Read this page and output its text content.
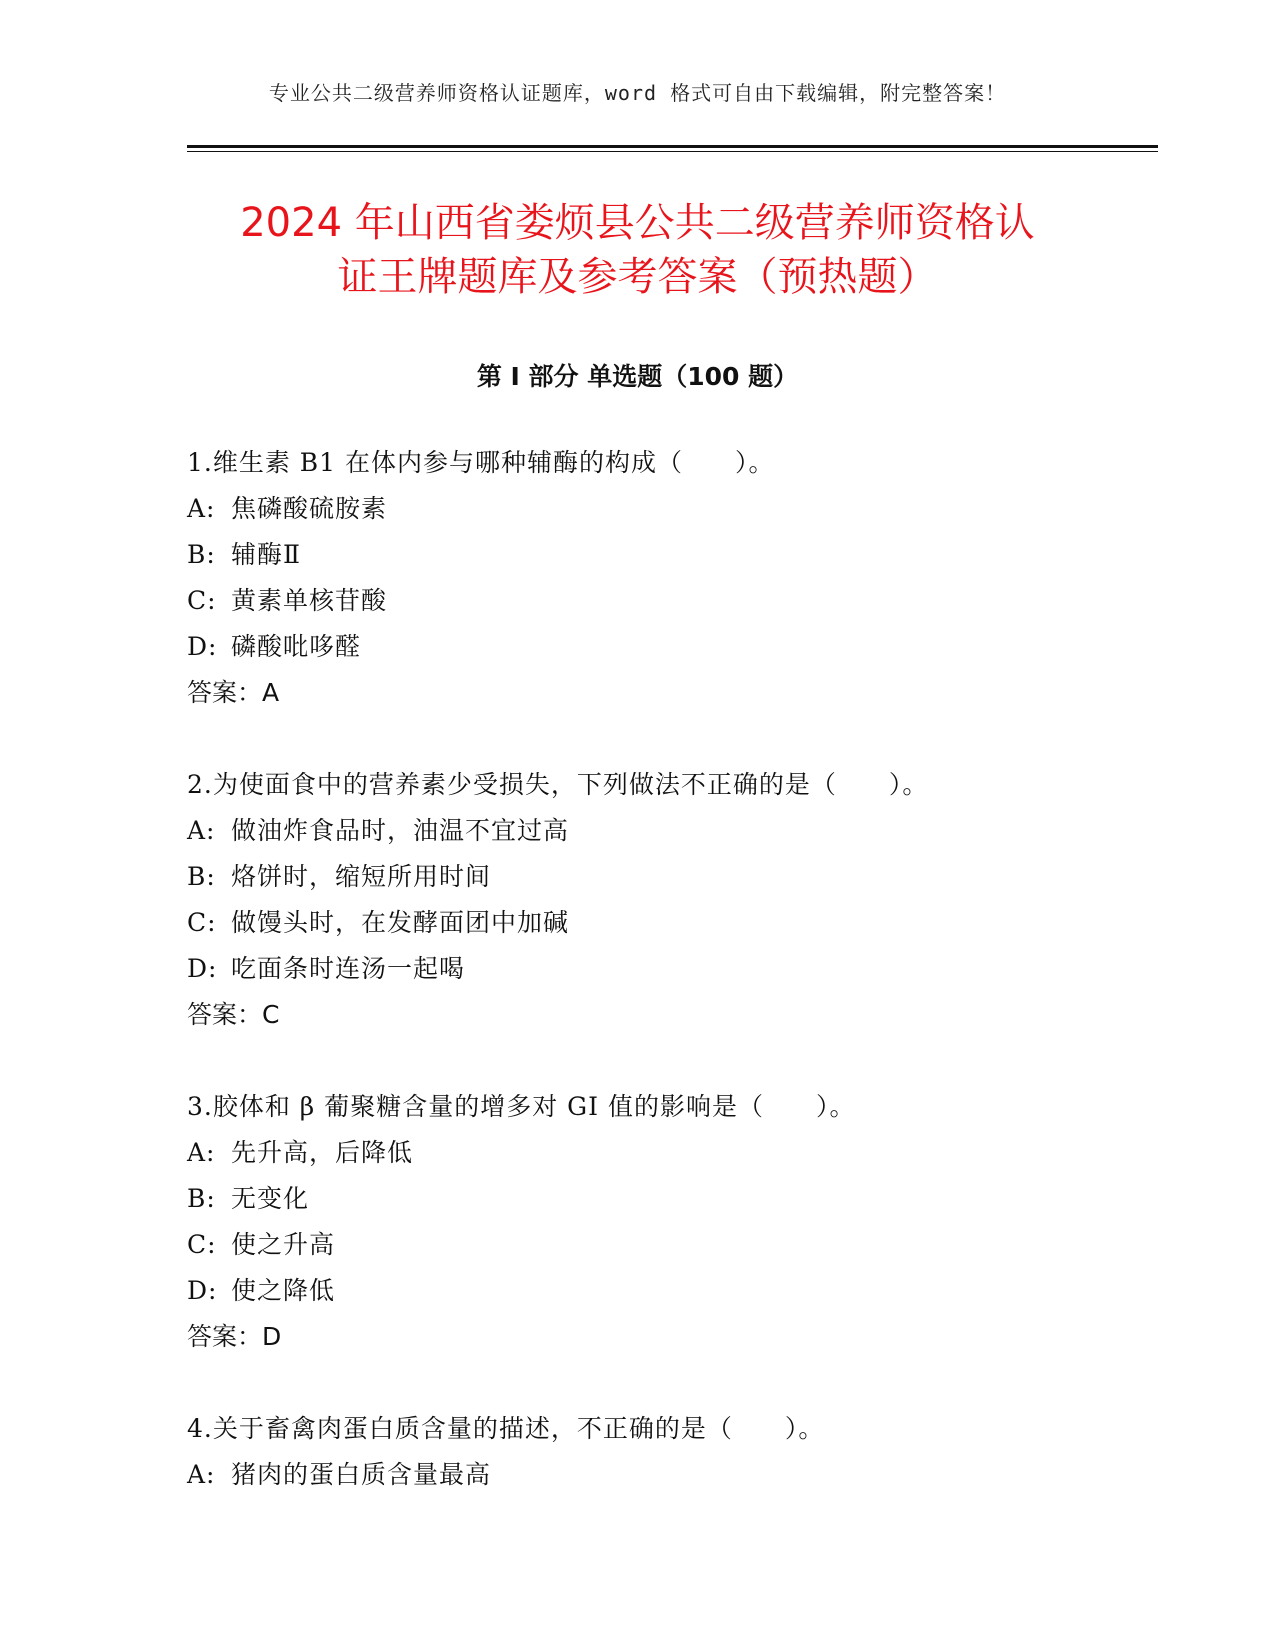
专业公共二级营养师资格认证题库，word 格式可自由下载编辑，附完整答案！
2024 年山西省娄烦县公共二级营养师资格认
证王牌题库及参考答案（预热题）
第 I 部分 单选题（100 题）
1.维生素 B1 在体内参与哪种辅酶的构成（　　）。
A: 焦磷酸硫胺素
B: 辅酶Ⅱ
C: 黄素单核苷酸
D: 磷酸吡哆醛
答案：A
2.为使面食中的营养素少受损失，下列做法不正确的是（　　）。
A: 做油炸食品时，油温不宜过高
B: 烙饼时，缩短所用时间
C: 做馒头时，在发酵面团中加碱
D: 吃面条时连汤一起喝
答案：C
3.胶体和 β 葡聚糖含量的增多对 GI 值的影响是（　　）。
A: 先升高，后降低
B: 无变化
C: 使之升高
D: 使之降低
答案：D
4.关于畜禽肉蛋白质含量的描述，不正确的是（　　）。
A: 猪肉的蛋白质含量最高
